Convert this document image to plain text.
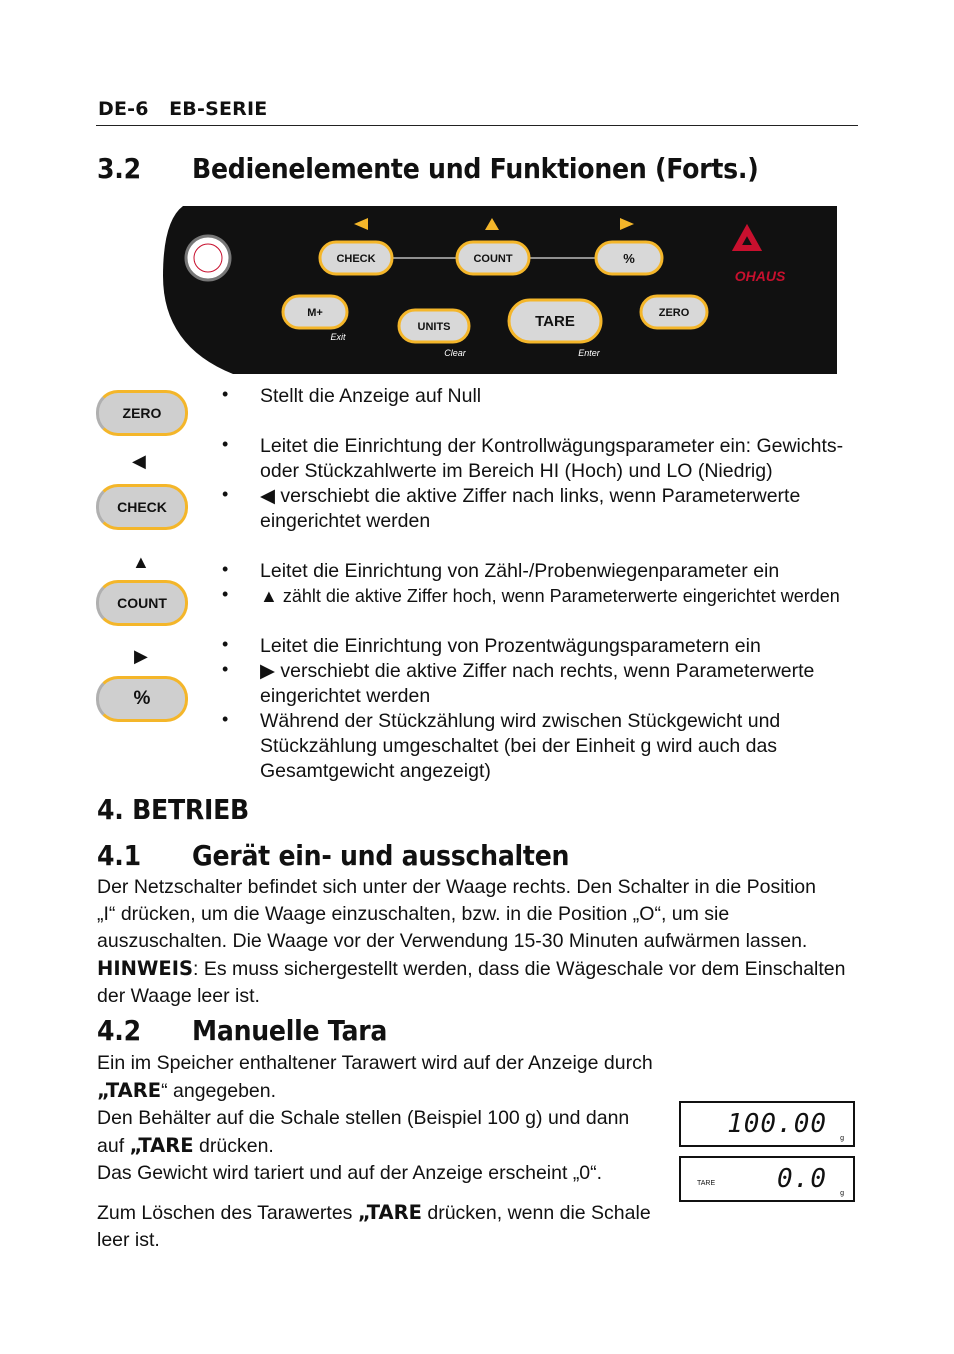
DE-6 EB-SERIE
3.2 Bedienelemente und Funktionen (Forts.)
CHECK	COUNT	%
M+
Exit
UNITS
Clear
TARE
Enter
ZERO
OHAUS
ZERO
◀
CHECK
▲
COUNT
▶
%
• Stellt die Anzeige auf Null
• Leitet die Einrichtung der Kontrollwägungsparameter ein: Gewichts-
oder Stückzahlwerte im Bereich HI (Hoch) und LO (Niedrig)
• ◀ verschiebt die aktive Ziffer nach links, wenn Parameterwerte
eingerichtet werden
• Leitet die Einrichtung von Zähl-/Probenwiegenparameter ein
• ▲ zählt die aktive Ziffer hoch, wenn Parameterwerte eingerichtet werden
• Leitet die Einrichtung von Prozentwägungsparametern ein
• ▶ verschiebt die aktive Ziffer nach rechts, wenn Parameterwerte
eingerichtet werden
• Während der Stückzählung wird zwischen Stückgewicht und
Stückzählung umgeschaltet (bei der Einheit g wird auch das
Gesamtgewicht angezeigt)
4. BETRIEB
4.1 Gerät ein- und ausschalten
Der Netzschalter befindet sich unter der Waage rechts. Den Schalter in die Position
„I“ drücken, um die Waage einzuschalten, bzw. in die Position „O“, um sie
auszuschalten. Die Waage vor der Verwendung 15-30 Minuten aufwärmen lassen.
HINWEIS: Es muss sichergestellt werden, dass die Wägeschale vor dem Einschalten
der Waage leer ist.
4.2 Manuelle Tara
Ein im Speicher enthaltener Tarawert wird auf der Anzeige durch
„TARE“ angegeben.
Den Behälter auf die Schale stellen (Beispiel 100 g) und dann
auf „TARE drücken.
Das Gewicht wird tariert und auf der Anzeige erscheint „0“.
Zum Löschen des Tarawertes „TARE drücken, wenn die Schale
leer ist.
100.00 g
TARE 0.0 g
